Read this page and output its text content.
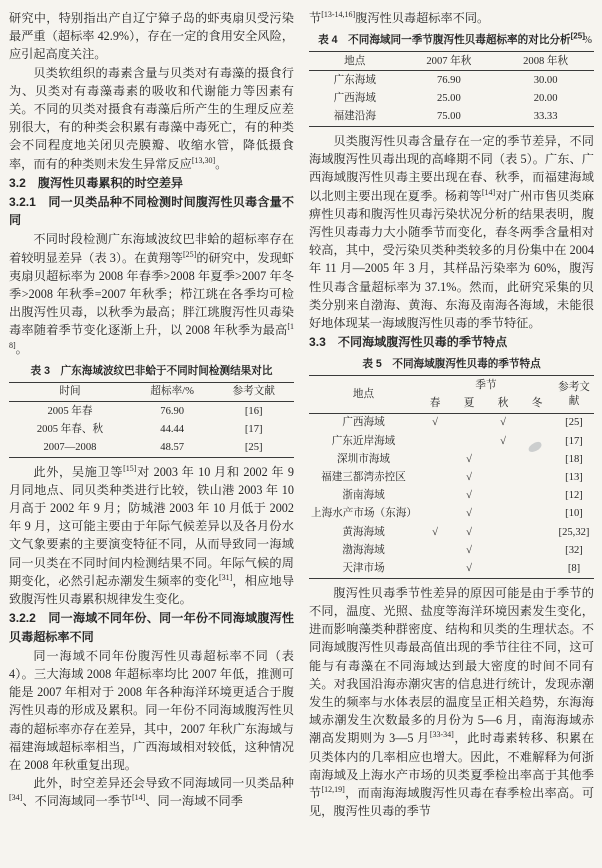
研究中，特别指出产自辽宁獐子岛的虾夷扇贝受污染最严重（超标率 42.9%），存在一定的食用安全风险，应引起高度关注。

贝类软组织的毒素含量与贝类对有毒藻的摄食行为、贝类对有毒藻毒素的吸收和代谢能力等因素有关。不同的贝类对摄食有毒藻后所产生的生理反应差别很大，有的种类会积累有毒藻中毒死亡，有的种类会不同程度地关闭贝壳膜瓣、收缩水管，降低摄食率，而有的种类则未发生异常反应[13,30]。

3.2　腹泻性贝毒累积的时空差异
3.2.1　同一贝类品种不同检测时间腹泻性贝毒含量不同

不同时段检测广东海域波纹巴非蛤的超标率存在着较明显差异（表 3）。在黄翔等[25]的研究中，发现虾夷扇贝超标率为 2008 年春季>2008 年夏季>2007 年冬季>2008 年秋季=2007 年秋季；栉江珧在各季均可检出腹泻性贝毒，以秋季为最高；胖江珧腹泻性贝毒染毒率随着季节变化逐渐上升，以 2008 年秋季为最高[18]。

表 3　广东海域波纹巴非蛤于不同时间检测结果对比
时间	超标率/%	参考文献
2005 年春	76.90	[16]
2005 年春、秋	44.44	[17]
2007—2008	48.57	[25]

此外，吴施卫等[15]对 2003 年 10 月和 2002 年 9 月同地点、同贝类种类进行比较，铁山港 2003 年 10 月高于 2002 年 9 月；防城港 2003 年 10 月低于 2002 年 9 月，这可能主要由于年际气候差异以及各月份水文气象要素的主要演变特征不同，从而导致同一海域同一贝类在不同时间内检测结果不同。年际气候的周期变化，必然引起赤潮发生频率的变化[31]，相应地导致腹泻性贝毒累积规律发生变化。

3.2.2　同一海域不同年份、同一年份不同海域腹泻性贝毒超标率不同

同一海域不同年份腹泻性贝毒超标率不同（表4）。三大海域 2008 年超标率均比 2007 年低，推测可能是 2007 年相对于 2008 年各种海洋环境更适合于腹泻性贝毒的形成及累积。同一年份不同海域腹泻性贝毒的超标率亦存在差异，其中，2007 年秋广东海域与福建海域超标率相当，广西海域相对较低，这种情况在 2008 年秋重复出现。

此外，时空差异还会导致不同海域同一贝类品种[34]、不同海域同一季节[14]、同一海域不同季

节[13-14,16]腹泻性贝毒超标率不同。

表 4　不同海域同一季节腹泻性贝毒超标率的对比分析[25]
%
地点	2007 年秋	2008 年秋
广东海域	76.90	30.00
广西海域	25.00	20.00
福建沿海	75.00	33.33

贝类腹泻性贝毒含量存在一定的季节差异，不同海域腹泻性贝毒出现的高峰期不同（表 5）。广东、广西海域腹泻性贝毒主要出现在春、秋季，而福建海域以北则主要出现在夏季。杨莉等[14]对广州市售贝类麻痹性贝毒和腹泻性贝毒污染状况分析的结果表明，腹泻性贝毒毒力大小随季节而变化，春冬两季含量相对较高，其中，受污染贝类种类较多的月份集中在 2004 年 11 月—2005 年 3 月，其样品污染率为 60%，腹泻性贝毒含量超标率为 37.1%。然而，此研究采集的贝类分别来自渤海、黄海、东海及南海各海域，未能很好地体现某一海域腹泻性贝毒的季节特征。

3.3　不同海域腹泻性贝毒的季节特点
表 5　不同海域腹泻性贝毒的季节特点
地点	季节				参考文献
	春	夏	秋	冬	
广西海域	√		√		[25]
广东近岸海域			√		[17]
深圳市海域		√			[18]
福建三都湾赤控区		√			[13]
浙南海域		√			[12]
上海水产市场（东海）		√			[10]
黄海海域	√	√			[25,32]
渤海海域		√			[32]
天津市场		√			[8]

腹泻性贝毒季节性差异的原因可能是由于季节的不同，温度、光照、盐度等海洋环境因素发生变化，进而影响藻类种群密度、结构和贝类的生理状态。不同海域腹泻性贝毒最高值出现的季节往往不同，这可能与有毒藻在不同海域达到最大密度的时间不同有关。对我国沿海赤潮灾害的信息进行统计，发现赤潮发生的频率与水体表层的温度呈正相关趋势，东海海域赤潮发生次数最多的月份为 5—6 月，南海海域赤潮高发期则为 3—5 月[33-34]，此时毒素转移、积累在贝类体内的几率相应也增大。因此，不难解释为何浙南海域及上海水产市场的贝类夏季检出率高于其他季节[12,19]，而南海海域腹泻性贝毒在春季检出率高。可见，腹泻性贝毒的季节
